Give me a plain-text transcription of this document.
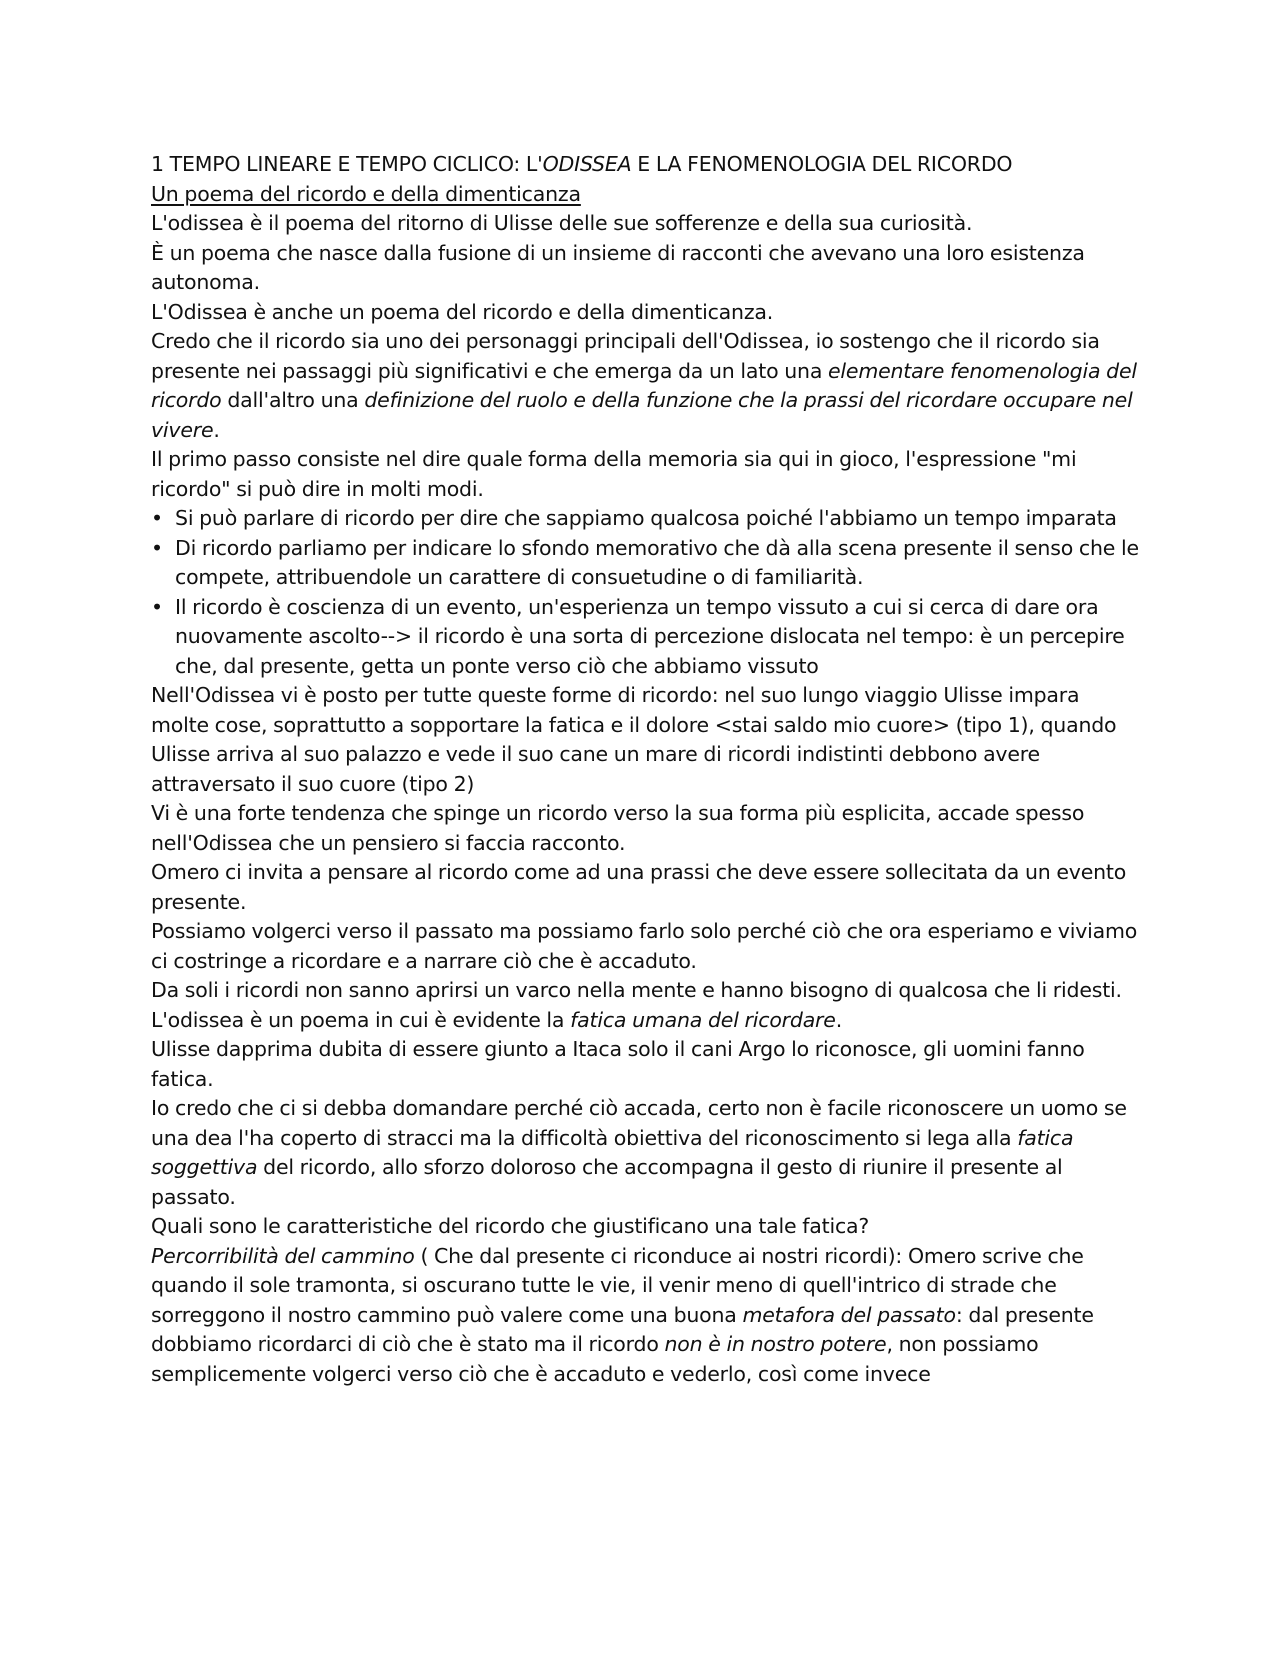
1 TEMPO LINEARE E TEMPO CICLICO: L'ODISSEA E LA FENOMENOLOGIA DEL RICORDO

Un poema del ricordo e della dimenticanza

L'odissea è il poema del ritorno di Ulisse delle sue sofferenze e della sua curiosità.

È un poema che nasce dalla fusione di un insieme di racconti che avevano una loro esistenza autonoma.

L'Odissea è anche un poema del ricordo e della dimenticanza.

Credo che il ricordo sia uno dei personaggi principali dell'Odissea, io sostengo che il ricordo sia presente nei passaggi più significativi e che emerga da un lato una elementare fenomenologia del ricordo dall'altro una definizione del ruolo e della funzione che la prassi del ricordare occupare nel vivere.

Il primo passo consiste nel dire quale forma della memoria sia qui in gioco, l'espressione "mi ricordo" si può dire in molti modi.

• Si può parlare di ricordo per dire che sappiamo qualcosa poiché l'abbiamo un tempo imparata
• Di ricordo parliamo per indicare lo sfondo memorativo che dà alla scena presente il senso che le compete, attribuendole un carattere di consuetudine o di familiarità.
• Il ricordo è coscienza di un evento, un'esperienza un tempo vissuto a cui si cerca di dare ora nuovamente ascolto--> il ricordo è una sorta di percezione dislocata nel tempo: è un percepire che, dal presente, getta un ponte verso ciò che abbiamo vissuto

Nell'Odissea vi è posto per tutte queste forme di ricordo: nel suo lungo viaggio Ulisse impara molte cose, soprattutto a sopportare la fatica e il dolore <stai saldo mio cuore> (tipo 1), quando Ulisse arriva al suo palazzo e vede il suo cane un mare di ricordi indistinti debbono avere attraversato il suo cuore (tipo 2)

Vi è una forte tendenza che spinge un ricordo verso la sua forma più esplicita, accade spesso nell'Odissea che un pensiero si faccia racconto.

Omero ci invita a pensare al ricordo come ad una prassi che deve essere sollecitata da un evento presente.

Possiamo volgerci verso il passato ma possiamo farlo solo perché ciò che ora esperiamo e viviamo ci costringe a ricordare e a narrare ciò che è accaduto.

Da soli i ricordi non sanno aprirsi un varco nella mente e hanno bisogno di qualcosa che li ridesti.

L'odissea è un poema in cui è evidente la fatica umana del ricordare.

Ulisse dapprima dubita di essere giunto a Itaca solo il cani Argo lo riconosce, gli uomini fanno fatica.

Io credo che ci si debba domandare perché ciò accada, certo non è facile riconoscere un uomo se una dea l'ha coperto di stracci ma la difficoltà obiettiva del riconoscimento si lega alla fatica soggettiva del ricordo, allo sforzo doloroso che accompagna il gesto di riunire il presente al passato.

Quali sono le caratteristiche del ricordo che giustificano una tale fatica?

Percorribilità del cammino ( Che dal presente ci riconduce ai nostri ricordi): Omero scrive che quando il sole tramonta, si oscurano tutte le vie, il venir meno di quell'intrico di strade che sorreggono il nostro cammino può valere come una buona metafora del passato: dal presente dobbiamo ricordarci di ciò che è stato ma il ricordo non è in nostro potere, non possiamo semplicemente volgerci verso ciò che è accaduto e vederlo, così come invece
